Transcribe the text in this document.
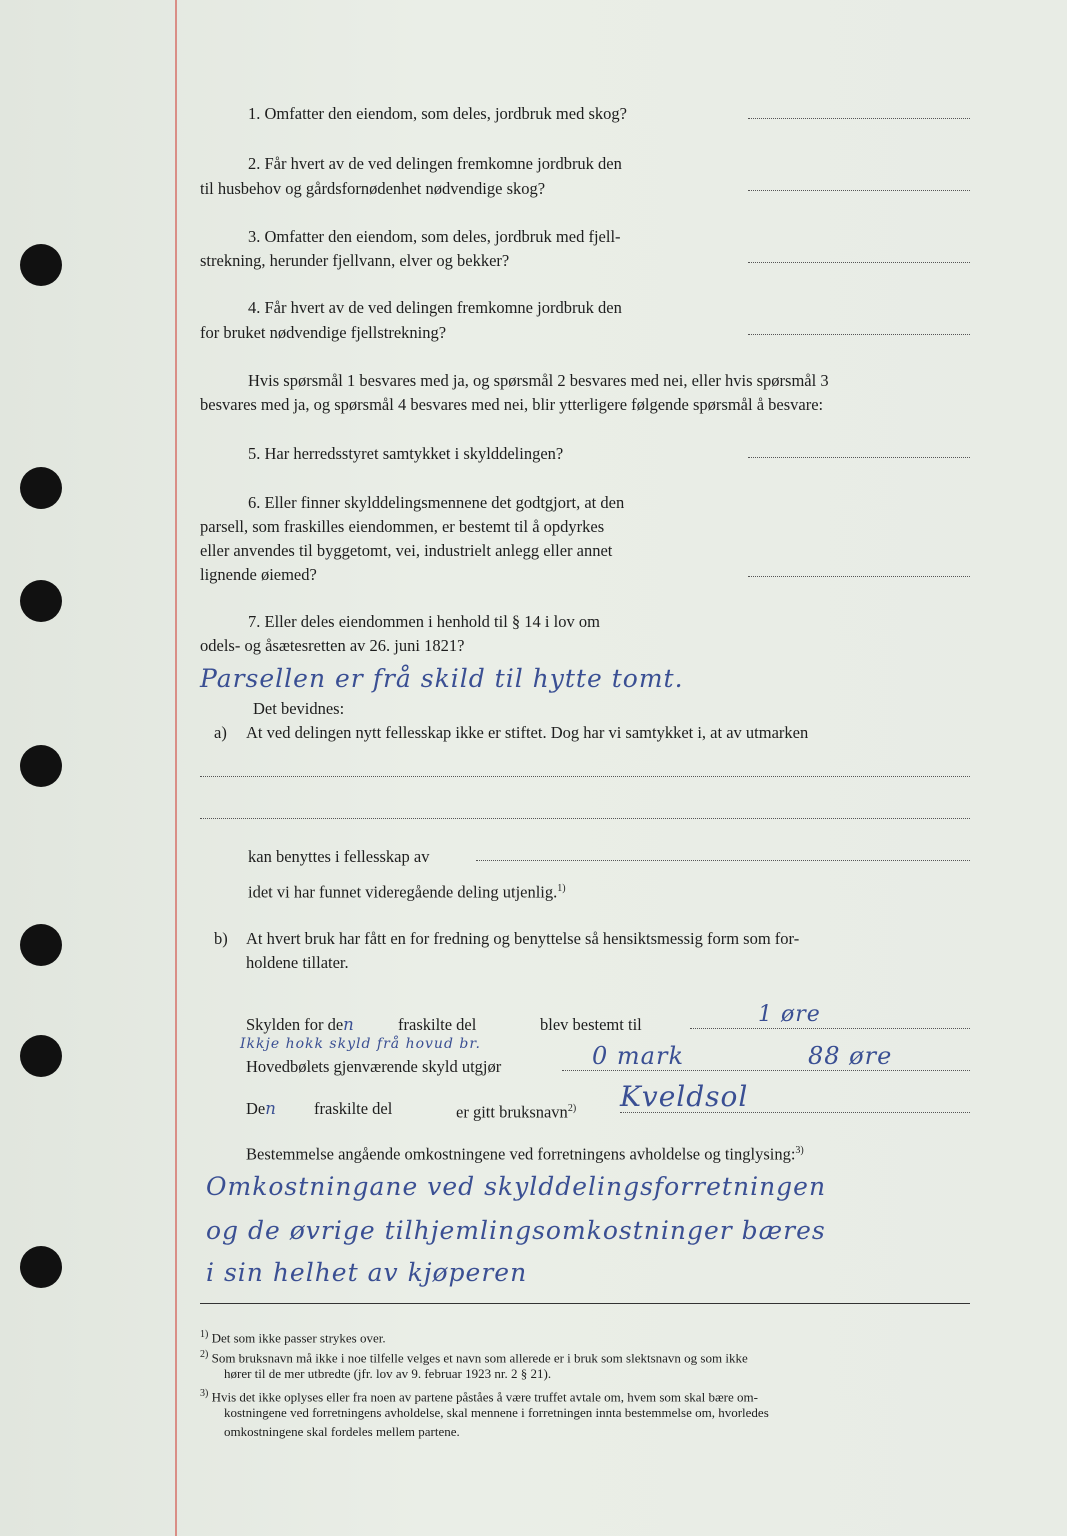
1. Omfatter den eiendom, som deles, jordbruk med skog?
2. Får hvert av de ved delingen fremkomne jordbruk den
til husbehov og gårdsfornødenhet nødvendige skog?
3. Omfatter den eiendom, som deles, jordbruk med fjell-
strekning, herunder fjellvann, elver og bekker?
4. Får hvert av de ved delingen fremkomne jordbruk den
for bruket nødvendige fjellstrekning?
Hvis spørsmål 1 besvares med ja, og spørsmål 2 besvares med nei, eller hvis spørsmål 3
besvares med ja, og spørsmål 4 besvares med nei, blir ytterligere følgende spørsmål å besvare:
5. Har herredsstyret samtykket i skylddelingen?
6. Eller finner skylddelingsmennene det godtgjort, at den
parsell, som fraskilles eiendommen, er bestemt til å opdyrkes
eller anvendes til byggetomt, vei, industrielt anlegg eller annet
lignende øiemed?
7. Eller deles eiendommen i henhold til § 14 i lov om
odels- og åsætesretten av 26. juni 1821?
Parsellen er frå skild til hytte tomt.
Det bevidnes:
a) At ved delingen nytt fellesskap ikke er stiftet. Dog har vi samtykket i, at av utmarken
kan benyttes i fellesskap av
idet vi har funnet videregående deling utjenlig.$^{1)}$
b) At hvert bruk har fått en for fredning og benyttelse så hensiktsmessig form som for-
holdene tillater.
Skylden for den	fraskilte del	blev bestemt til	1 øre
Ikkje hokk skyld frå hovud br.
Hovedbølets gjenværende skyld utgjør	0 mark	88 øre
Den fraskilte del	er gitt bruksnavn$^{2)}$ Kveldsol
Bestemmelse angående omkostningene ved forretningens avholdelse og tinglysing:$^{3)}$
Omkostningane ved skylddelingsforretningen
og de øvrige tilhjemlingsomkostninger bæres
i sin helhet av kjøperen
$^{1)}$ Det som ikke passer strykes over.
$^{2)}$ Som bruksnavn må ikke i noe tilfelle velges et navn som allerede er i bruk som slektsnavn og som ikke
hører til de mer utbredte (jfr. lov av 9. februar 1923 nr. 2 § 21).
$^{3)}$ Hvis det ikke oplyses eller fra noen av partene påståes å være truffet avtale om, hvem som skal bære om-
kostningene ved forretningens avholdelse, skal mennene i forretningen innta bestemmelse om, hvorledes
omkostningene skal fordeles mellem partene.
